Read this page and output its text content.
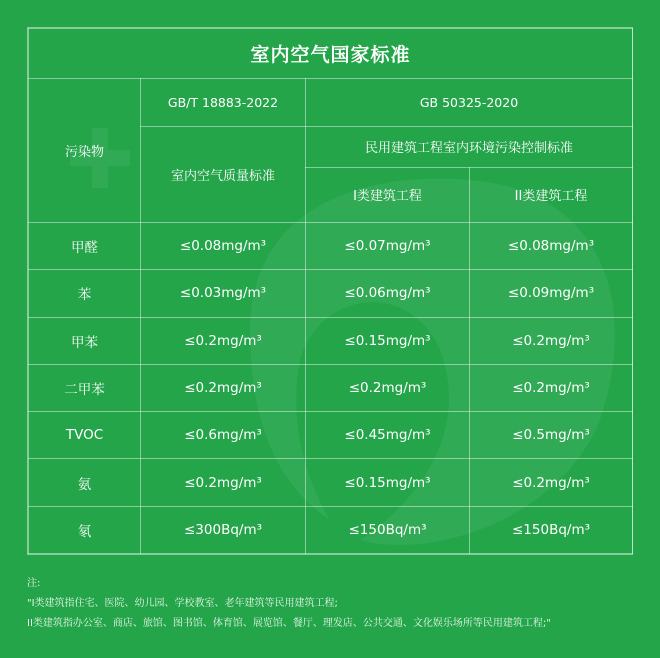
室内空气国家标准			
污染物	GB/T 18883-2022	GB 50325-2020	
	室内空气质量标准	民用建筑工程室内环境污染控制标准	
		I类建筑工程	II类建筑工程
甲醛	≤0.08mg/m³	≤0.07mg/m³	≤0.08mg/m³
苯	≤0.03mg/m³	≤0.06mg/m³	≤0.09mg/m³
甲苯	≤0.2mg/m³	≤0.15mg/m³	≤0.2mg/m³
二甲苯	≤0.2mg/m³	≤0.2mg/m³	≤0.2mg/m³
TVOC	≤0.6mg/m³	≤0.45mg/m³	≤0.5mg/m³
氨	≤0.2mg/m³	≤0.15mg/m³	≤0.2mg/m³
氡	≤300Bq/m³	≤150Bq/m³	≤150Bq/m³
注:
"I类建筑指住宅、医院、幼儿园、学校教室、老年建筑等民用建筑工程;
II类建筑指办公室、商店、旅馆、图书馆、体育馆、展览馆、餐厅、理发店、公共交通、文化娱乐场所等民用建筑工程;"
